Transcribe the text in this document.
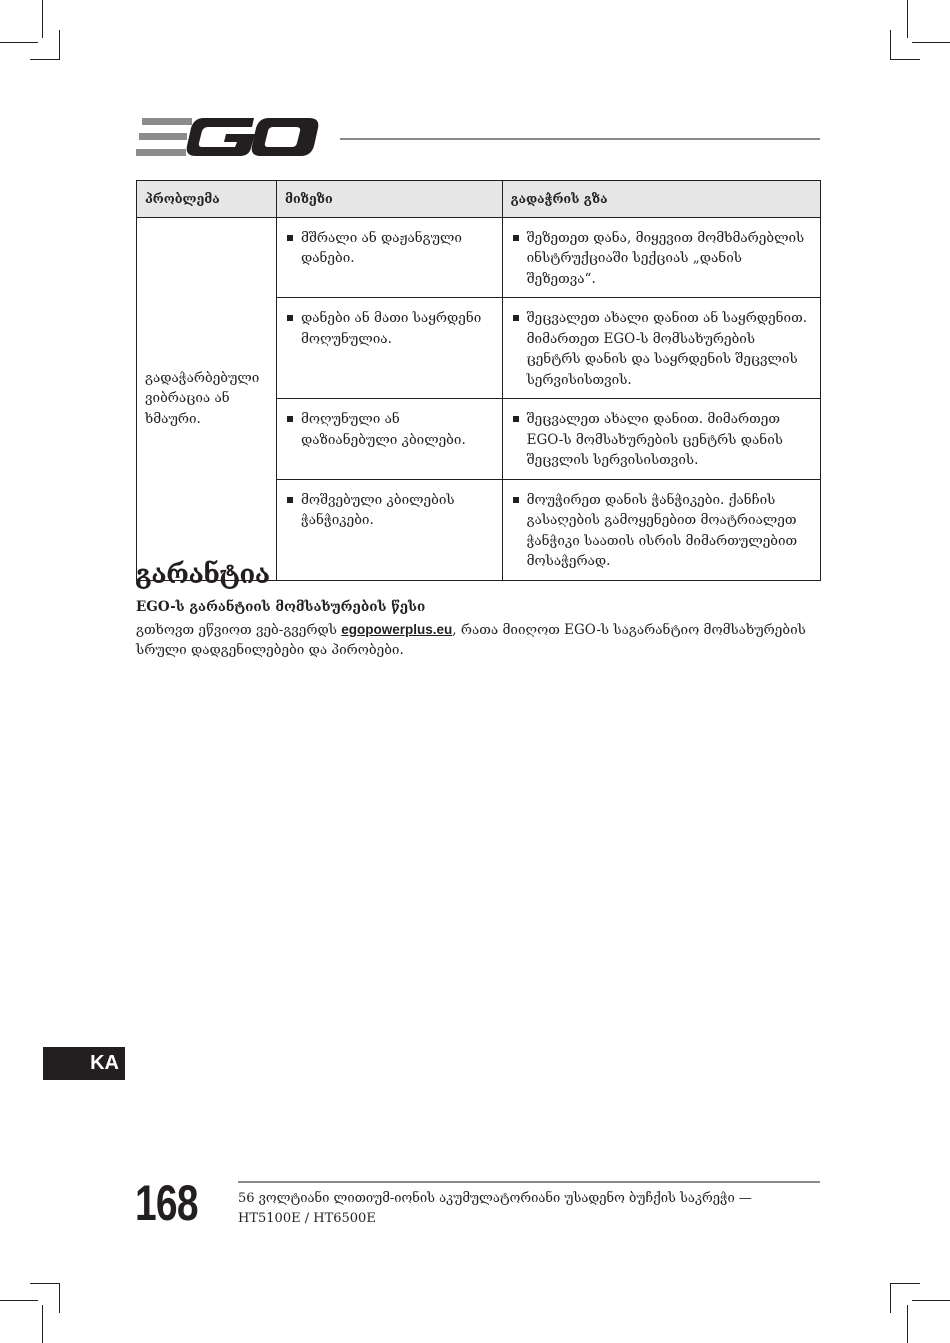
პრობლემა	მიზეზი	გადაჭრის გზა
გადაჭარბებული ვიბრაცია ან ხმაური.	მშრალი ან დაჟანგული დანები.	შეზეთეთ დანა, მიყევით მომხმარებლის ინსტრუქციაში სექციას „დანის შეზეთვა“.

	დანები ან მათი საყრდენი მოღუნულია.	შეცვალეთ ახალი დანით ან საყრდენით. მიმართეთ EGO-ს მომსახურების ცენტრს დანის და საყრდენის შეცვლის სერვისისთვის.

	მოღუნული ან დაზიანებული კბილები.	შეცვალეთ ახალი დანით. მიმართეთ EGO-ს მომსახურების ცენტრს დანის შეცვლის სერვისისთვის.

	მოშვებული კბილების ჭანჭიკები.	მოუჭირეთ დანის ჭანჭიკები. ქანჩის გასაღების გამოყენებით მოატრიალეთ ჭანჭიკი საათის ისრის მიმართულებით მოსაჭერად.
გარანტია
EGO-ს გარანტიის მომსახურების წესი
გთხოვთ ეწვიოთ ვებ-გვერდს egopowerplus.eu, რათა მიიღოთ EGO-ს საგარანტიო მომსახურების სრული დადგენილებები და პირობები.
KA
168	56 ვოლტიანი ლითიუმ-იონის აკუმულატორიანი უსადენო ბუჩქის საკრეჭი —
HT5100E / HT6500E
